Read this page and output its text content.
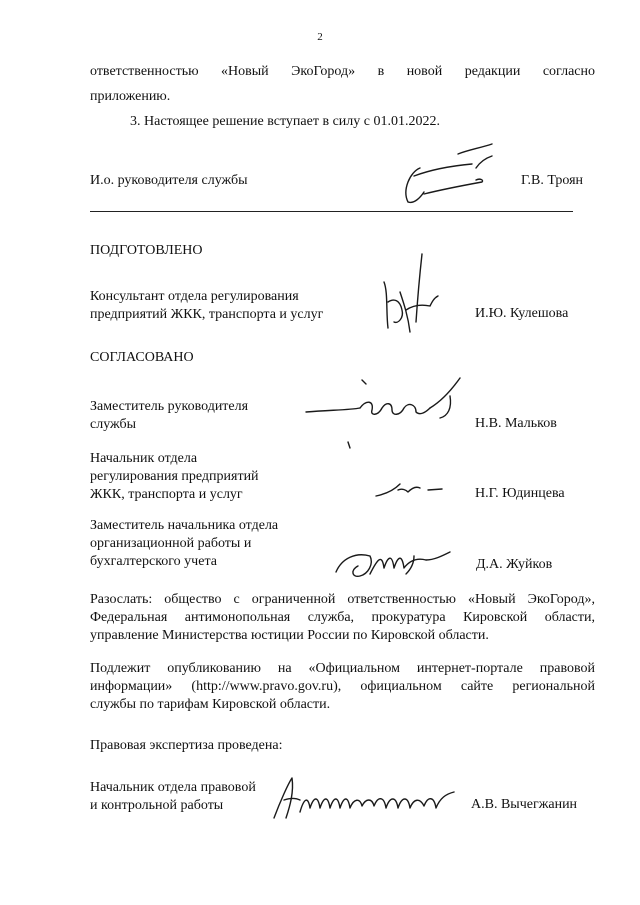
2
ответственностью «Новый ЭкоГород» в новой редакции согласно
приложению.
3. Настоящее решение вступает в силу с 01.01.2022.
И.о. руководителя службы	Г.В. Троян
ПОДГОТОВЛЕНО
Консультант отдела регулирования
предприятий ЖКК, транспорта и услуг	И.Ю. Кулешова
СОГЛАСОВАНО
Заместитель руководителя
службы	Н.В. Мальков
Начальник отдела
регулирования предприятий
ЖКК, транспорта и услуг	Н.Г. Юдинцева
Заместитель начальника отдела
организационной работы и
бухгалтерского учета	Д.А. Жуйков
Разослать: общество с ограниченной ответственностью «Новый ЭкоГород»,
Федеральная антимонопольная служба, прокуратура Кировской области,
управление Министерства юстиции России по Кировской области.
Подлежит опубликованию на «Официальном интернет-портале правовой
информации» (http://www.pravo.gov.ru), официальном сайте региональной
службы по тарифам Кировской области.
Правовая экспертиза проведена:
Начальник отдела правовой
и контрольной работы	А.В. Вычегжанин
